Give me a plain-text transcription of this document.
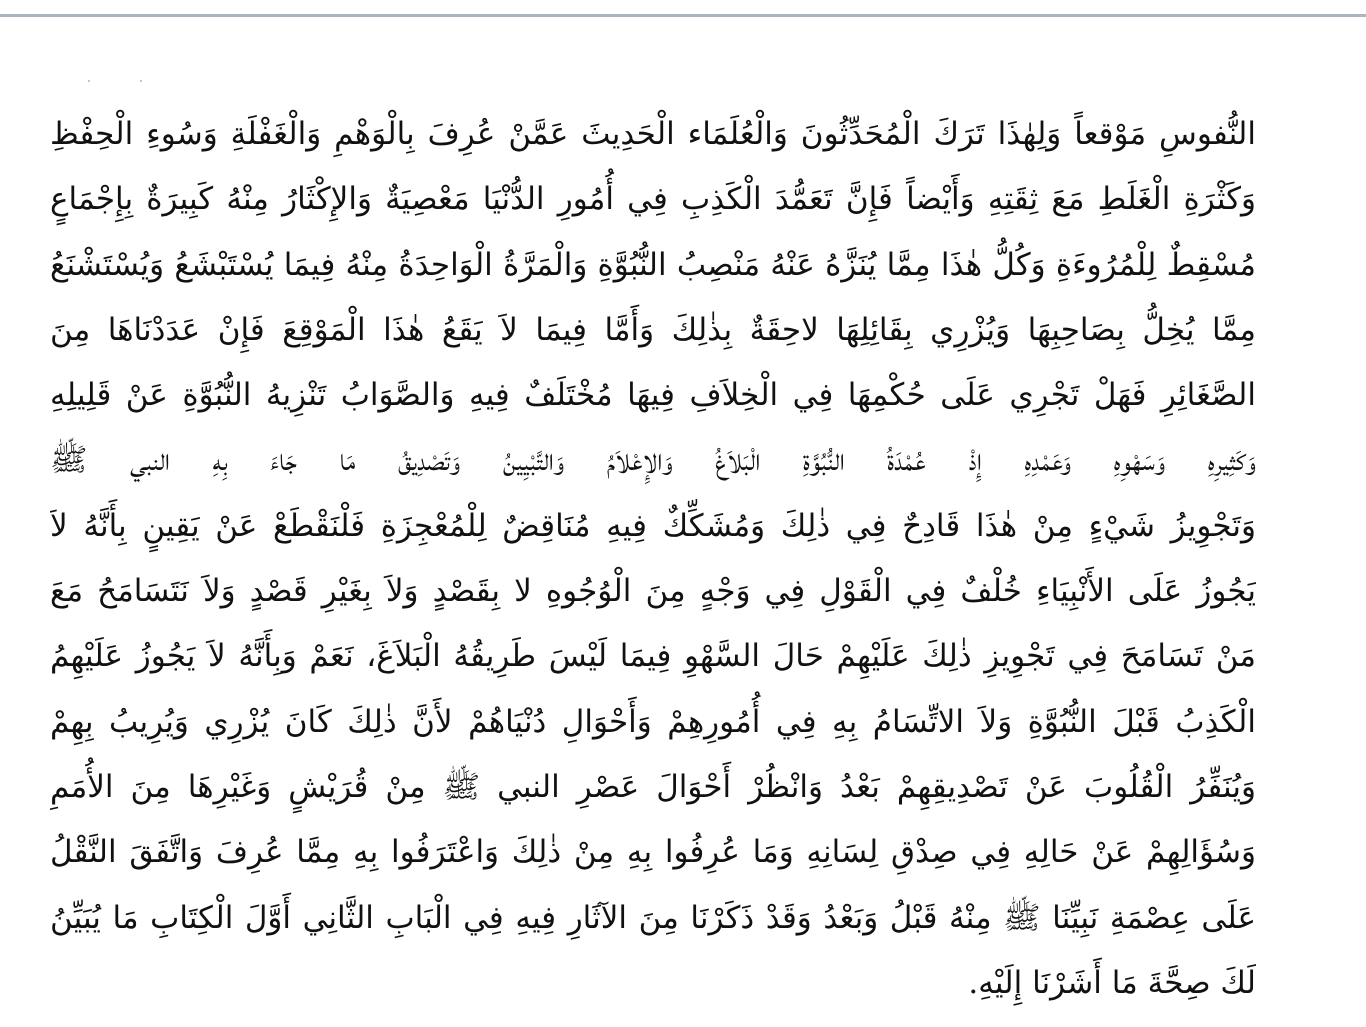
النُّفوسِ مَوْقعاً وَلِهٰذَا تَرَكَ الْمُحَدِّثُونَ وَالْعُلَمَاء الْحَدِيثَ عَمَّنْ عُرِفَ بِالْوَهْمِ وَالْغَفْلَةِ وَسُوءِ الْحِفْظِ
وَكَثْرَةِ الْغَلَطِ مَعَ ثِقَتِهِ وَأَيْضاً فَإِنَّ تَعَمُّدَ الْكَذِبِ فِي أُمُورِ الدُّنْيَا مَعْصِيَةٌ وَالإِكْثَارُ مِنْهُ كَبِيرَةٌ بِإِجْمَاعٍ
مُسْقِطٌ لِلْمُرُوءَةِ وَكُلُّ هٰذَا مِمَّا يُنَزَّهُ عَنْهُ مَنْصِبُ النُّبُوَّةِ وَالْمَرَّةُ الْوَاحِدَةُ مِنْهُ فِيمَا يُسْتَبْشَعُ وَيُسْتَشْنَعُ
مِمَّا يُخِلُّ بِصَاحِبِهَا وَيُزْرِي بِقَائِلِهَا لاحِقَةٌ بِذٰلِكَ وَأَمَّا فِيمَا لاَ يَقَعُ هٰذَا الْمَوْقِعَ فَإِنْ عَدَدْنَاهَا مِنَ
الصَّغَائِرِ فَهَلْ تَجْرِي عَلَى حُكْمِهَا فِي الْخِلاَفِ فِيهَا مُخْتَلَفٌ فِيهِ وَالصَّوَابُ تَنْزِيهُ النُّبُوَّةِ عَنْ قَلِيلِهِ
وَكَثِيرِهِ وَسَهْوِهِ وَعَمْدِهِ إِذْ عُمْدَةُ النُّبُوَّةِ الْبَلاَغُ وَالإِعْلاَمُ وَالتَّبْيِينُ وَتَصْدِيقُ مَا جَاءَ بِهِ النبي ﷺ
وَتَجْوِيزُ شَيْءٍ مِنْ هٰذَا قَادِحٌ فِي ذٰلِكَ وَمُشَكِّكٌ فِيهِ مُنَاقِضٌ لِلْمُعْجِزَةِ فَلْنَقْطَعْ عَنْ يَقِينٍ بِأَنَّهُ لاَ
يَجُوزُ عَلَى الأَنْبِيَاءِ خُلْفٌ فِي الْقَوْلِ فِي وَجْهٍ مِنَ الْوُجُوهِ لا بِقَصْدٍ وَلاَ بِغَيْرِ قَصْدٍ وَلاَ نَتَسَامَحُ مَعَ
مَنْ تَسَامَحَ فِي تَجْوِيزِ ذٰلِكَ عَلَيْهِمْ حَالَ السَّهْوِ فِيمَا لَيْسَ طَرِيقُهُ الْبَلاَغَ، نَعَمْ وَبِأَنَّهُ لاَ يَجُوزُ عَلَيْهِمُ
الْكَذِبُ قَبْلَ النُّبُوَّةِ وَلاَ الاتِّسَامُ بِهِ فِي أُمُورِهِمْ وَأَحْوَالِ دُنْيَاهُمْ لأَنَّ ذٰلِكَ كَانَ يُزْرِي وَيُرِيبُ بِهِمْ
وَيُنَفِّرُ الْقُلُوبَ عَنْ تَصْدِيقِهِمْ بَعْدُ وَانْظُرْ أَحْوَالَ عَصْرِ النبي ﷺ مِنْ قُرَيْشٍ وَغَيْرِهَا مِنَ الأُمَمِ
وَسُؤَالِهِمْ عَنْ حَالِهِ فِي صِدْقِ لِسَانِهِ وَمَا عُرِفُوا بِهِ مِنْ ذٰلِكَ وَاعْتَرَفُوا بِهِ مِمَّا عُرِفَ وَاتَّفَقَ النَّقْلُ
عَلَى عِصْمَةِ نَبِيِّنَا ﷺ مِنْهُ قَبْلُ وَبَعْدُ وَقَدْ ذَكَرْنَا مِنَ الآثَارِ فِيهِ فِي الْبَابِ الثَّانِي أَوَّلَ الْكِتَابِ مَا يُبَيِّنُ
لَكَ صِحَّةَ مَا أَشَرْنَا إِلَيْهِ.
